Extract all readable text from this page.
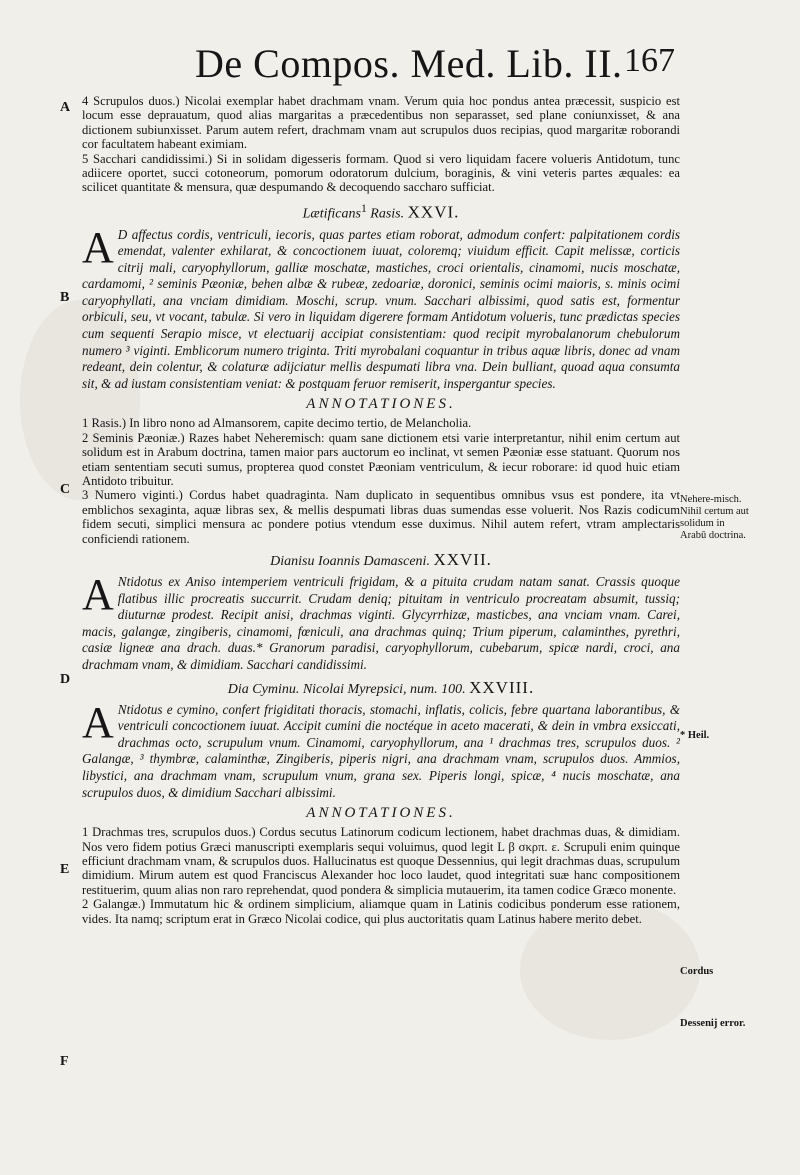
De Compos. Med. Lib. II. 167
A
B
C
D
E
F
Nehere-misch. Nihil certum aut solidum in Arabū doctrina.
* Heil.
Cordus
Dessenij error.

4 Scrupulos duos.) Nicolai exemplar habet drachmam vnam. Verum quia hoc pondus antea præcessit, suspicio est locum esse deprauatum, quod alias margaritas a præcedentibus non separasset, sed plane coniunxisset, & ana dictionem subiunxisset. Parum autem refert, drachmam vnam aut scrupulos duos recipias, quod margaritæ roborandi cor facultatem habeant eximiam.

5 Sacchari candidissimi.) Si in solidam digesseris formam. Quod si vero liquidam facere volueris Antidotum, tunc adiicere oportet, succi cotoneorum, pomorum odoratorum dulcium, boraginis, & vini veteris partes æquales: ea scilicet quantitate & mensura, quæ despumando & decoquendo saccharo sufficiat.

Lætificans$^1$ Rasis. XXVI.

A D affectus cordis, ventriculi, iecoris, quas partes etiam roborat, admodum confert: palpitationem cordis emendat, valenter exhilarat, & concoctionem iuuat, coloremq; viuidum efficit. Capit melissæ, corticis citrij mali, caryophyllorum, galliæ moschatæ, mastiches, croci orientalis, cinamomi, nucis moschatæ, cardamomi, ² seminis Pæoniæ, behen albæ & rubeæ, zedoariæ, doronici, seminis ocimi maioris, s. minis ocimi caryophyllati, ana vnciam dimidiam. Moschi, scrup. vnum. Sacchari albissimi, quod satis est, formentur orbiculi, seu, vt vocant, tabulæ. Si vero in liquidam digerere formam Antidotum volueris, tunc prædictas species cum sequenti Serapio misce, vt electuarij accipiat consistentiam: quod recipit myrobalanorum chebulorum numero ³ viginti. Emblicorum numero triginta. Triti myrobalani coquantur in tribus aquæ libris, donec ad vnam redeant, dein colentur, & colaturæ adijciatur mellis despumati libra vna. Dein bulliant, quoad aqua consumta sit, & ad iustam consistentiam veniat: & postquam feruor remiserit, inspergantur species.

ANNOTATIONES.

1 Rasis.) In libro nono ad Almansorem, capite decimo tertio, de Melancholia.

2 Seminis Pæoniæ.) Razes habet Neheremisch: quam sane dictionem etsi varie interpretantur, nihil enim certum aut solidum est in Arabum doctrina, tamen maior pars auctorum eo inclinat, vt semen Pæoniæ esse statuant. Quorum nos etiam sententiam secuti sumus, propterea quod constet Pæoniam ventriculum, & iecur roborare: id quod huic etiam Antidoto tribuitur.

3 Numero viginti.) Cordus habet quadraginta. Nam duplicato in sequentibus omnibus vsus est pondere, ita vt emblichos sexaginta, aquæ libras sex, & mellis despumati libras duas sumendas esse voluerit. Nos Razis codicum fidem secuti, simplici mensura ac pondere potius vtendum esse duximus. Nihil autem refert, vtram amplectaris conficiendi rationem.

Dianisu Ioannis Damasceni. XXVII.

A Ntidotus ex Aniso intemperiem ventriculi frigidam, & a pituita crudam natam sanat. Crassis quoque flatibus illic procreatis succurrit. Crudam deniq; pituitam in ventriculo procreatam absumit, tussiq; diuturnæ prodest. Recipit anisi, drachmas viginti. Glycyrrhizæ, masticbes, ana vnciam vnam. Carei, macis, galangæ, zingiberis, cinamomi, fœniculi, ana drachmas quinq; Trium piperum, calaminthes, pyrethri, casiæ ligneæ ana drach. duas.* Granorum paradisi, caryophyllorum, cubebarum, spicæ nardi, croci, ana drachmam vnam, & dimidiam. Sacchari candidissimi.

Dia Cyminu. Nicolai Myrepsici, num. 100. XXVIII.

A Ntidotus e cymino, confert frigiditati thoracis, stomachi, inflatis, colicis, febre quartana laborantibus, & ventriculi concoctionem iuuat. Accipit cumini die noctéque in aceto macerati, & dein in vmbra exsiccati, drachmas octo, scrupulum vnum. Cinamomi, caryophyllorum, ana ¹ drachmas tres, scrupulos duos. ² Galangæ, ³ thymbræ, calaminthæ, Zingiberis, piperis nigri, ana drachmam vnam, scrupulos duos. Ammios, libystici, ana drachmam vnam, scrupulum vnum, grana sex. Piperis longi, spicæ, ⁴ nucis moschatæ, ana scrupulos duos, & dimidium Sacchari albissimi.

ANNOTATIONES.

1 Drachmas tres, scrupulos duos.) Cordus secutus Latinorum codicum lectionem, habet drachmas duas, & dimidiam. Nos vero fidem potius Græci manuscripti exemplaris sequi voluimus, quod legit L β σκρπ. ε. Scrupuli enim quinque efficiunt drachmam vnam, & scrupulos duos. Hallucinatus est quoque Dessennius, qui legit drachmas duas, scrupulum dimidium. Mirum autem est quod Franciscus Alexander hoc loco laudet, quod integritati suæ hanc compositionem restituerim, quum alias non raro reprehendat, quod pondera & simplicia mutauerim, ita tamen codice Græco monente.

2 Galangæ.) Immutatum hic & ordinem simplicium, aliamque quam in Latinis codicibus ponderum esse rationem, vides. Ita namq; scriptum erat in Græco Nicolai codice, qui plus auctoritatis quam Latinus habere merito debet.
